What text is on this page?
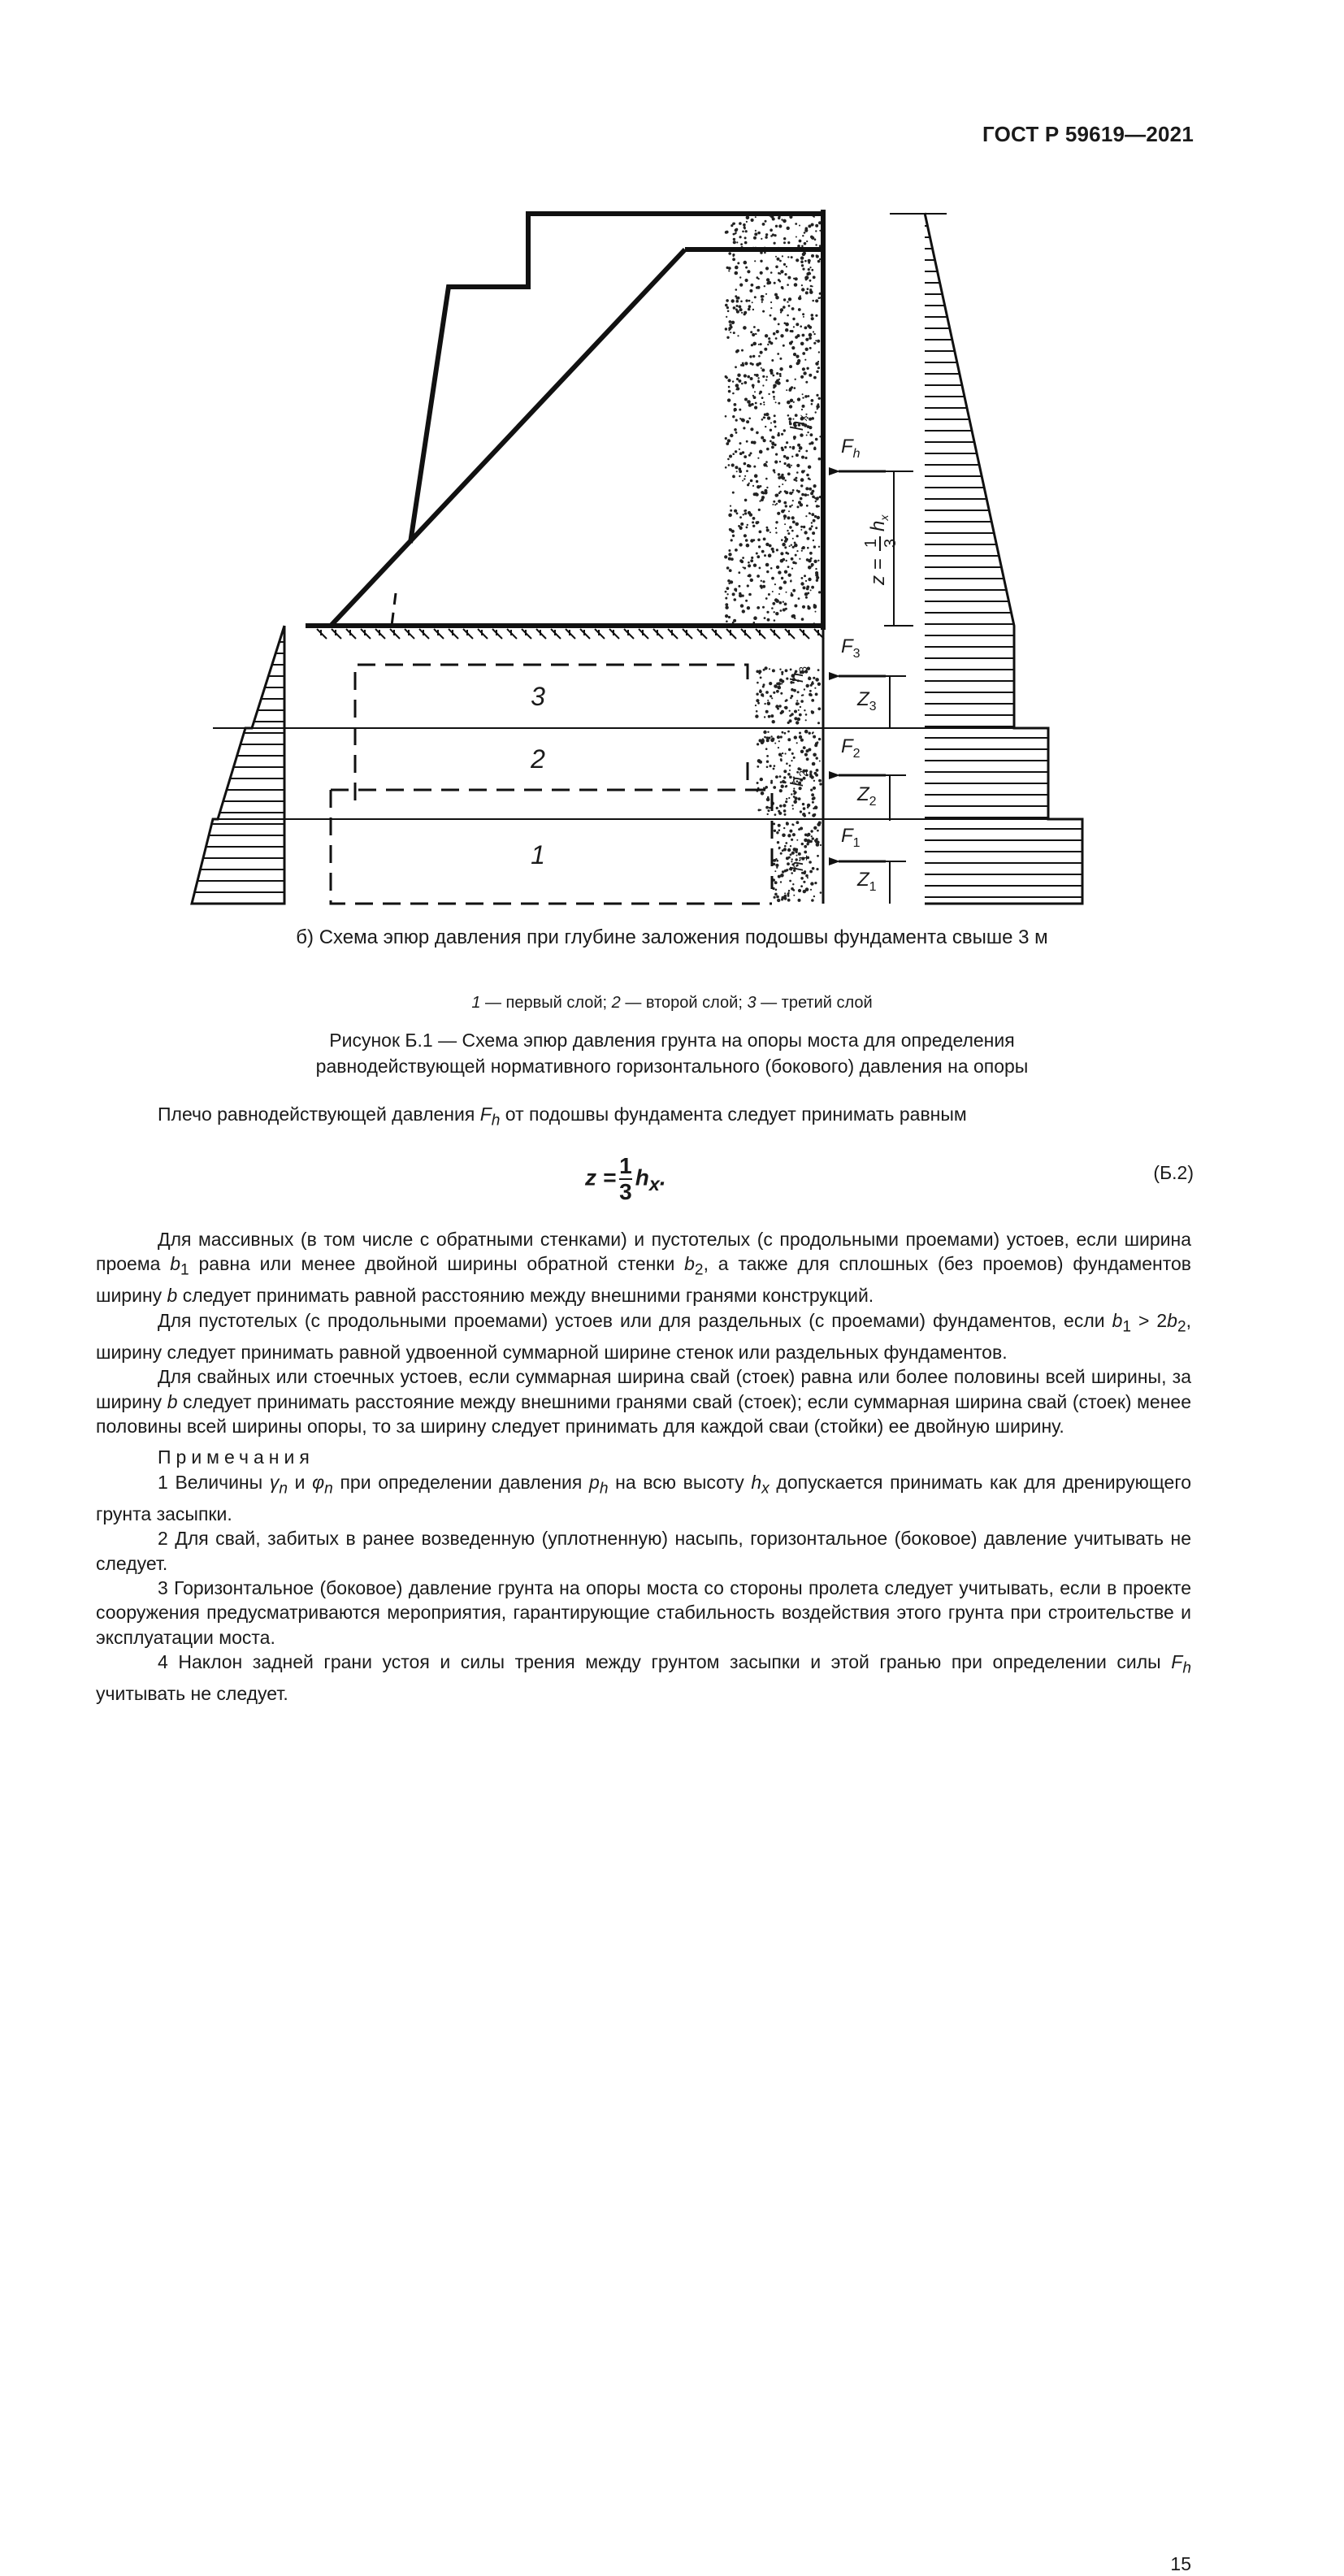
ГОСТ Р 59619—2021
3
2
1
$F_h$
$F_3$
$F_2$
$F_1$
$Z_3$
$Z_2$
$Z_1$
$h_x$
$h_3$
$h_2$
$h_1$
z =
1 3
$h_x$
б) Схема эпюр давления при глубине заложения подошвы фундамента свыше 3 м
1 — первый слой; 2 — второй слой; 3 — третий слой
Рисунок Б.1 — Схема эпюр давления грунта на опоры моста для определения
равнодействующей нормативного горизонтального (бокового) давления на опоры
Плечо равнодействующей давления $F_h$ от подошвы фундамента следует принимать равным
$z = \frac{1}{3} h_x$.	(Б.2)

Для массивных (в том числе с обратными стенками) и пустотелых (с продольными проемами) устоев, если ширина проема $b_1$ равна или менее двойной ширины обратной стенки $b_2$, а также для сплошных (без проемов) фундаментов ширину b следует принимать равной расстоянию между внешними гранями конструкций.

Для пустотелых (с продольными проемами) устоев или для раздельных (с проемами) фундаментов, если $b_1 > 2b_2$, ширину следует принимать равной удвоенной суммарной ширине стенок или раздельных фундаментов.

Для свайных или стоечных устоев, если суммарная ширина свай (стоек) равна или более половины всей ширины, за ширину b следует принимать расстояние между внешними гранями свай (стоек); если суммарная ширина свай (стоек) менее половины всей ширины опоры, то за ширину следует принимать для каждой сваи (стойки) ее двойную ширину.

Примечания

1 Величины $\gamma_n$ и $\varphi_n$ при определении давления $p_h$ на всю высоту $h_x$ допускается принимать как для дренирующего грунта засыпки.

2 Для свай, забитых в ранее возведенную (уплотненную) насыпь, горизонтальное (боковое) давление учитывать не следует.

3 Горизонтальное (боковое) давление грунта на опоры моста со стороны пролета следует учитывать, если в проекте сооружения предусматриваются мероприятия, гарантирующие стабильность воздействия этого грунта при строительстве и эксплуатации моста.

4 Наклон задней грани устоя и силы трения между грунтом засыпки и этой гранью при определении силы $F_h$ учитывать не следует.

15
